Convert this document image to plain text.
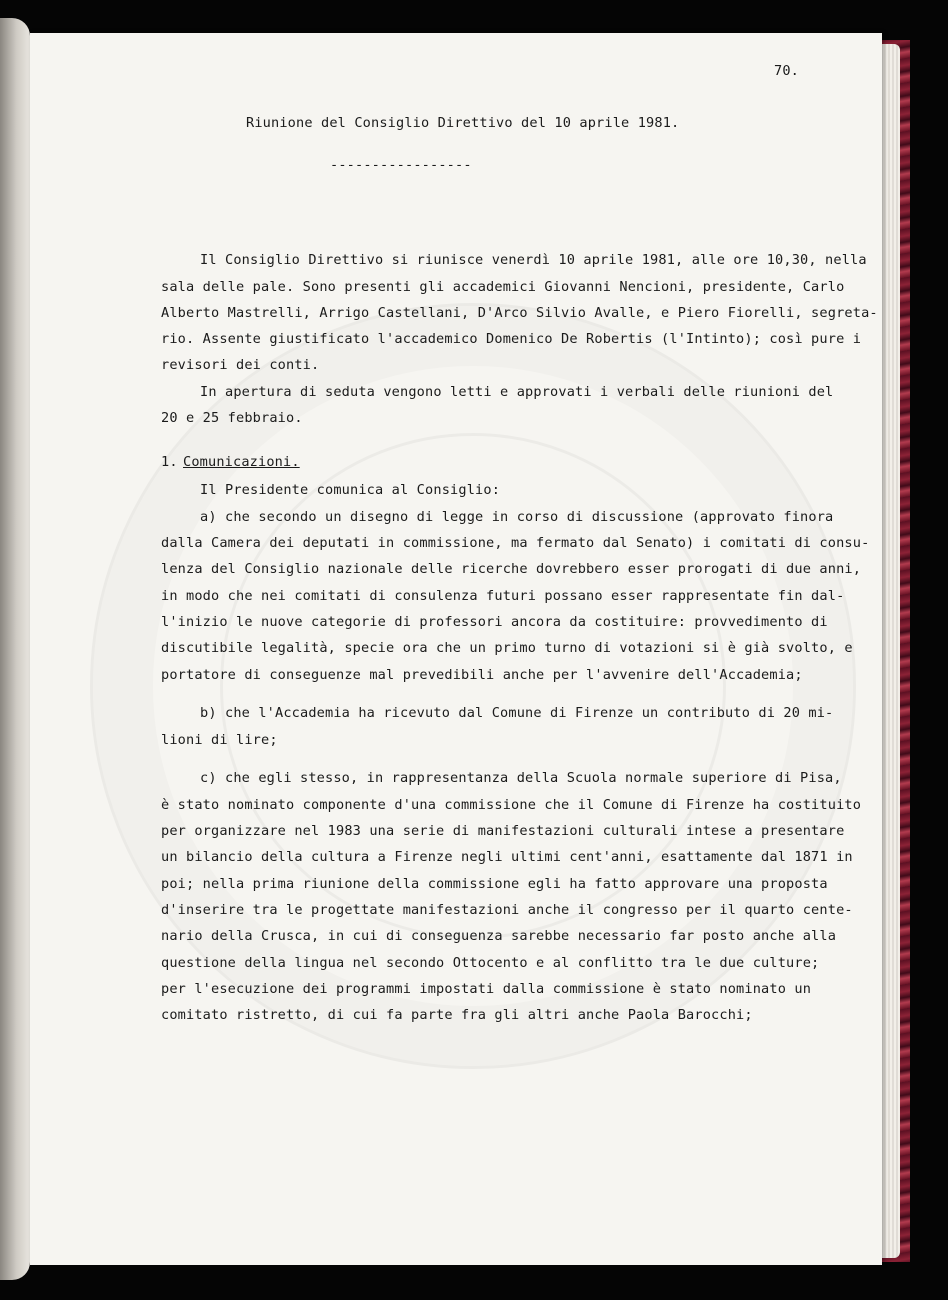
70.
Riunione del Consiglio Direttivo del 10 aprile 1981.
-----------------
Il Consiglio Direttivo si riunisce venerdì 10 aprile 1981, alle ore 10,30, nella
sala delle pale. Sono presenti gli accademici Giovanni Nencioni, presidente, Carlo
Alberto Mastrelli, Arrigo Castellani, D'Arco Silvio Avalle, e Piero Fiorelli, segreta-
rio. Assente giustificato l'accademico Domenico De Robertis (l'Intinto); così pure i
revisori dei conti.
In apertura di seduta vengono letti e approvati i verbali delle riunioni del
20 e 25 febbraio.
1. Comunicazioni.
Il Presidente comunica al Consiglio:
a) che secondo un disegno di legge in corso di discussione (approvato finora
dalla Camera dei deputati in commissione, ma fermato dal Senato) i comitati di consu-
lenza del Consiglio nazionale delle ricerche dovrebbero esser prorogati di due anni,
in modo che nei comitati di consulenza futuri possano esser rappresentate fin dal-
l'inizio le nuove categorie di professori ancora da costituire: provvedimento di
discutibile legalità, specie ora che un primo turno di votazioni si è già svolto, e
portatore di conseguenze mal prevedibili anche per l'avvenire dell'Accademia;
b) che l'Accademia ha ricevuto dal Comune di Firenze un contributo di 20 mi-
lioni di lire;
c) che egli stesso, in rappresentanza della Scuola normale superiore di Pisa,
è stato nominato componente d'una commissione che il Comune di Firenze ha costituito
per organizzare nel 1983 una serie di manifestazioni culturali intese a presentare
un bilancio della cultura a Firenze negli ultimi cent'anni, esattamente dal 1871 in
poi; nella prima riunione della commissione egli ha fatto approvare una proposta
d'inserire tra le progettate manifestazioni anche il congresso per il quarto cente-
nario della Crusca, in cui di conseguenza sarebbe necessario far posto anche alla
questione della lingua nel secondo Ottocento e al conflitto tra le due culture;
per l'esecuzione dei programmi impostati dalla commissione è stato nominato un
comitato ristretto, di cui fa parte fra gli altri anche Paola Barocchi;
